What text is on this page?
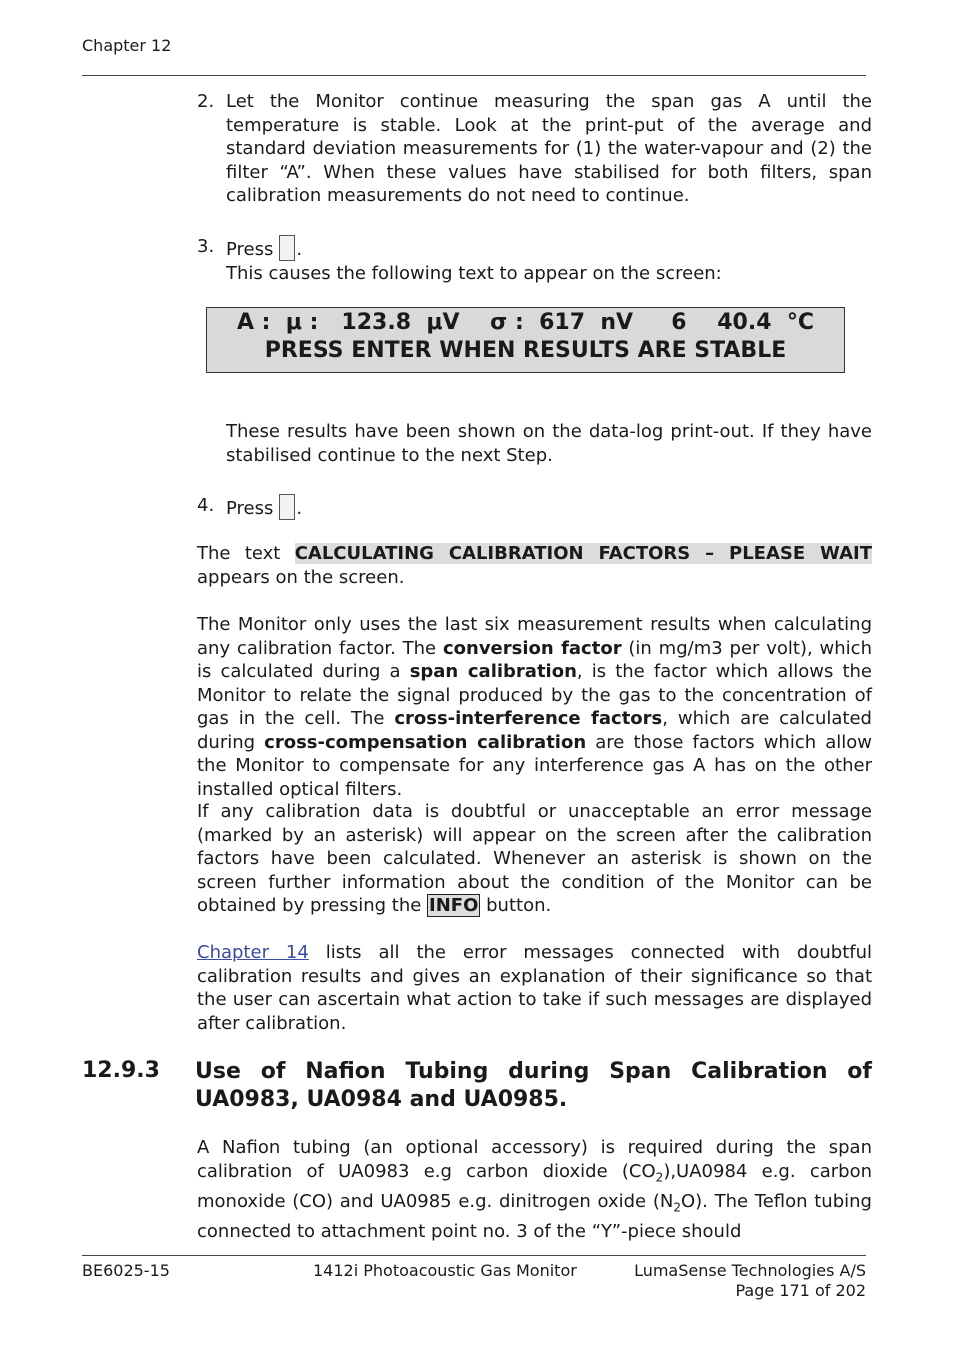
Chapter 12
2. Let the Monitor continue measuring the span gas A until the temperature is stable. Look at the print-put of the average and standard deviation measurements for (1) the water-vapour and (2) the filter “A”. When these values have stabilised for both filters, span calibration measurements do not need to continue.

3. Press .
This causes the following text to appear on the screen:
A :  μ :   123.8  μV    σ :  617  nV     6    40.4  °C
PRESS ENTER WHEN RESULTS ARE STABLE

These results have been shown on the data-log print-out. If they have stabilised continue to the next Step.

4. Press .

The text CALCULATING CALIBRATION FACTORS – PLEASE WAIT appears on the screen.

The Monitor only uses the last six measurement results when calculating any calibration factor. The conversion factor (in mg/m3 per volt), which is calculated during a span calibration, is the factor which allows the Monitor to relate the signal produced by the gas to the concentration of gas in the cell. The cross-interference factors, which are calculated during cross-compensation calibration are those factors which allow the Monitor to compensate for any interference gas A has on the other installed optical filters.

If any calibration data is doubtful or unacceptable an error message (marked by an asterisk) will appear on the screen after the calibration factors have been calculated. Whenever an asterisk is shown on the screen further information about the condition of the Monitor can be obtained by pressing the INFO button.

Chapter 14 lists all the error messages connected with doubtful calibration results and gives an explanation of their significance so that the user can ascertain what action to take if such messages are displayed after calibration.

12.9.3 Use of Nafion Tubing during Span Calibration of UA0983, UA0984 and UA0985.

A Nafion tubing (an optional accessory) is required during the span calibration of UA0983 e.g carbon dioxide $(CO_2),UA0984$ e.g. carbon monoxide (CO) and UA0985 e.g. dinitrogen oxide $(N_2O)$. The Teflon tubing connected to attachment point no. 3 of the “Y”-piece should

BE6025-15	1412i Photoacoustic Gas Monitor	LumaSense Technologies A/S
Page 171 of 202
